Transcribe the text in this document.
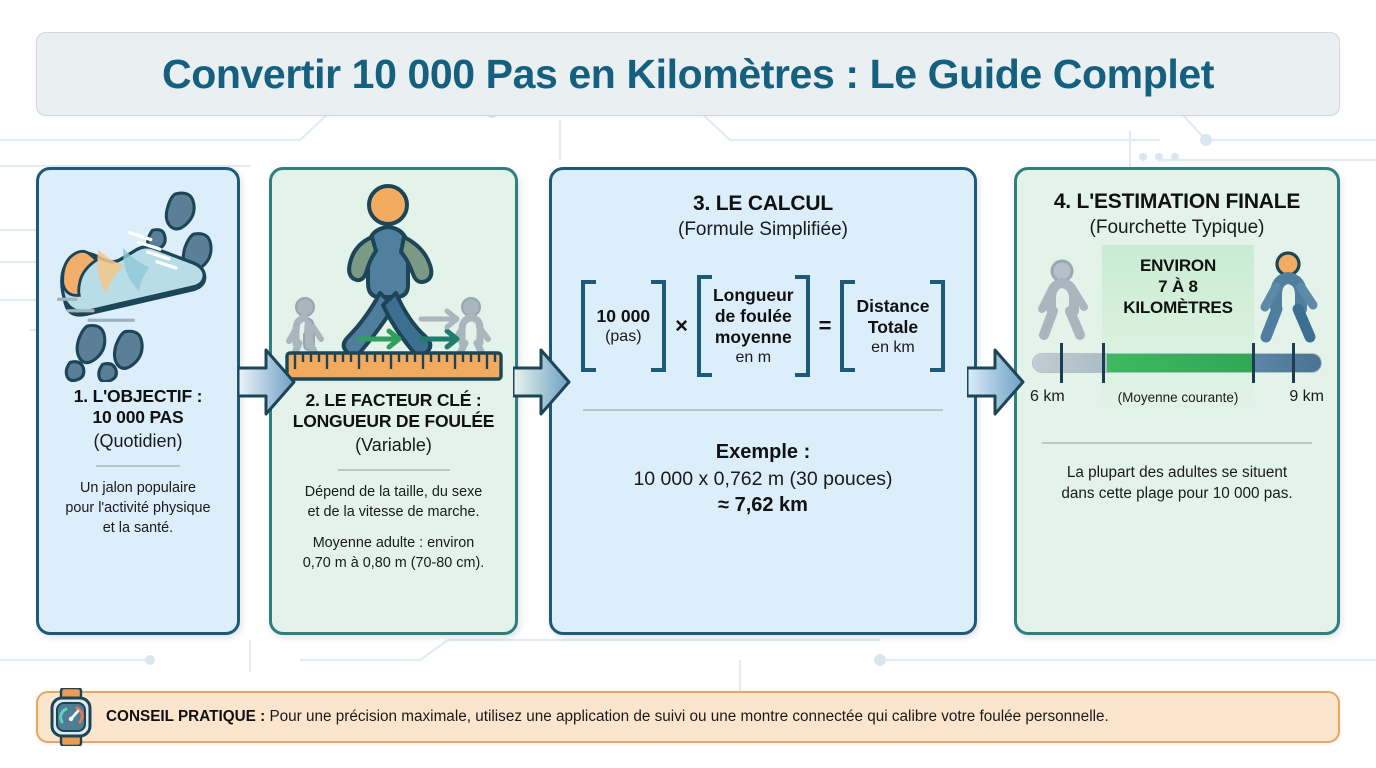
Convertir 10 000 Pas en Kilomètres : Le Guide Complet
1. L'OBJECTIF :
10 000 PAS
(Quotidien)
Un jalon populaire
pour l'activité physique
et la santé.
2. LE FACTEUR CLÉ :
LONGUEUR DE FOULÉE
(Variable)
Dépend de la taille, du sexe
et de la vitesse de marche.
Moyenne adulte : environ
0,70 m à 0,80 m (70-80 cm).
3. LE CALCUL
(Formule Simplifiée)
10 000
(pas) ×
Longueur
de foulée
moyenne
en m
=
Distance
Totale
en km
Exemple :
10 000 x 0,762 m (30 pouces)
≈ 7,62 km
4. L'ESTIMATION FINALE
(Fourchette Typique)
ENVIRON
7 À 8
KILOMÈTRES
6 km	9 km
(Moyenne courante)
La plupart des adultes se situent
dans cette plage pour 10 000 pas.
CONSEIL PRATIQUE : Pour une précision maximale, utilisez une application de suivi ou une montre connectée qui calibre votre foulée personnelle.
